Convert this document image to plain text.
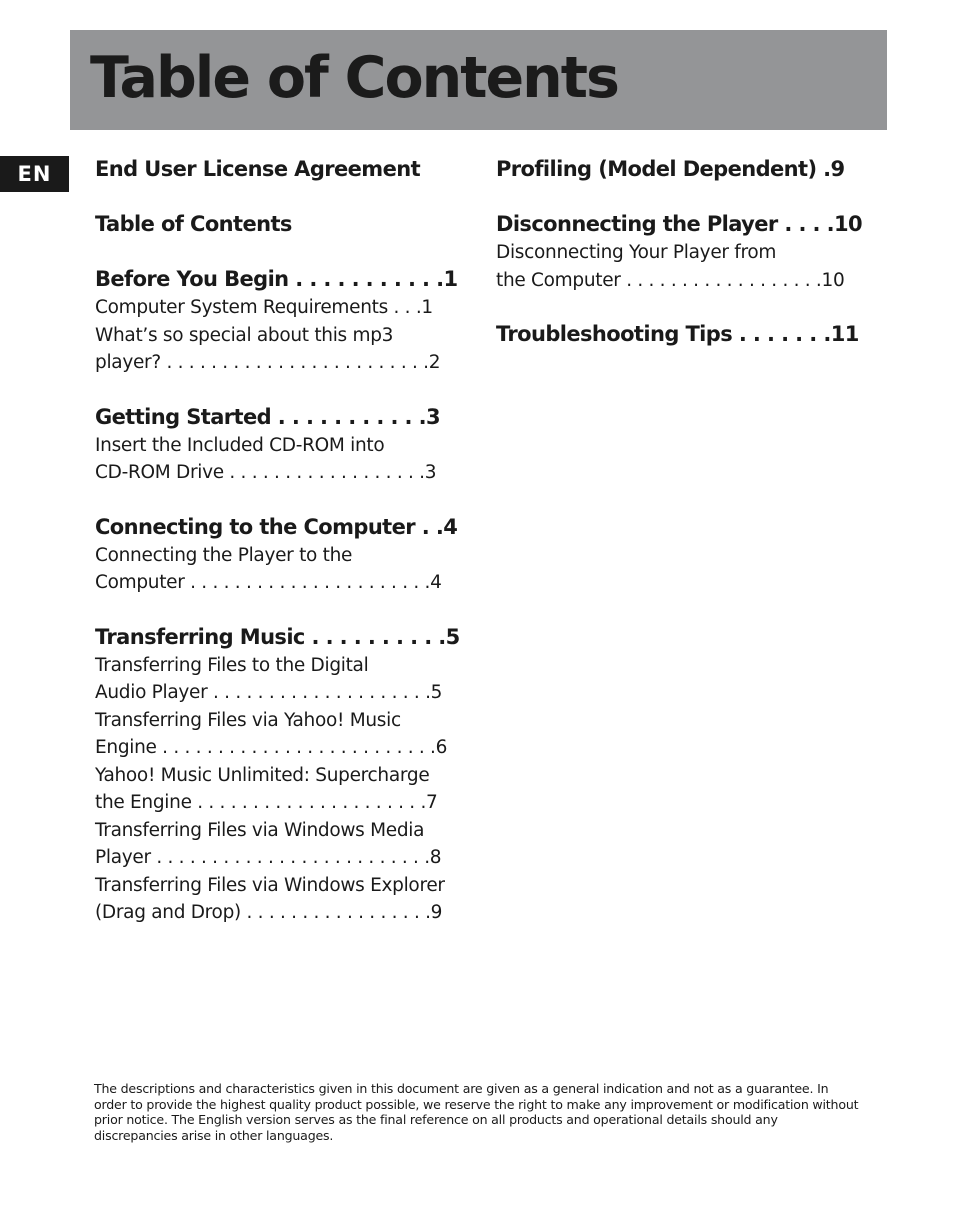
Table of Contents
EN	End User License Agreement
Table of Contents
Before You Begin . . . . . . . . . . .1
Computer System Requirements . . .1
What’s so special about this mp3
player? . . . . . . . . . . . . . . . . . . . . . . . .2
Getting Started . . . . . . . . . . .3
Insert the Included CD-ROM into
CD-ROM Drive . . . . . . . . . . . . . . . . . .3
Connecting to the Computer . .4
Connecting the Player to the
Computer . . . . . . . . . . . . . . . . . . . . . .4
Transferring Music . . . . . . . . . .5
Transferring Files to the Digital
Audio Player . . . . . . . . . . . . . . . . . . . .5
Transferring Files via Yahoo! Music
Engine . . . . . . . . . . . . . . . . . . . . . . . . .6
Yahoo! Music Unlimited: Supercharge
the Engine . . . . . . . . . . . . . . . . . . . . .7
Transferring Files via Windows Media
Player . . . . . . . . . . . . . . . . . . . . . . . . .8
Transferring Files via Windows Explorer
(Drag and Drop) . . . . . . . . . . . . . . . . .9
Profiling (Model Dependent) .9
Disconnecting the Player . . . .10
Disconnecting Your Player from
the Computer . . . . . . . . . . . . . . . . . .10
Troubleshooting Tips . . . . . . .11
The descriptions and characteristics given in this document are given as a general indication and not as a guarantee. In order to provide the highest quality product possible, we reserve the right to make any improvement or modification without prior notice. The English version serves as the final reference on all products and operational details should any discrepancies arise in other languages.
